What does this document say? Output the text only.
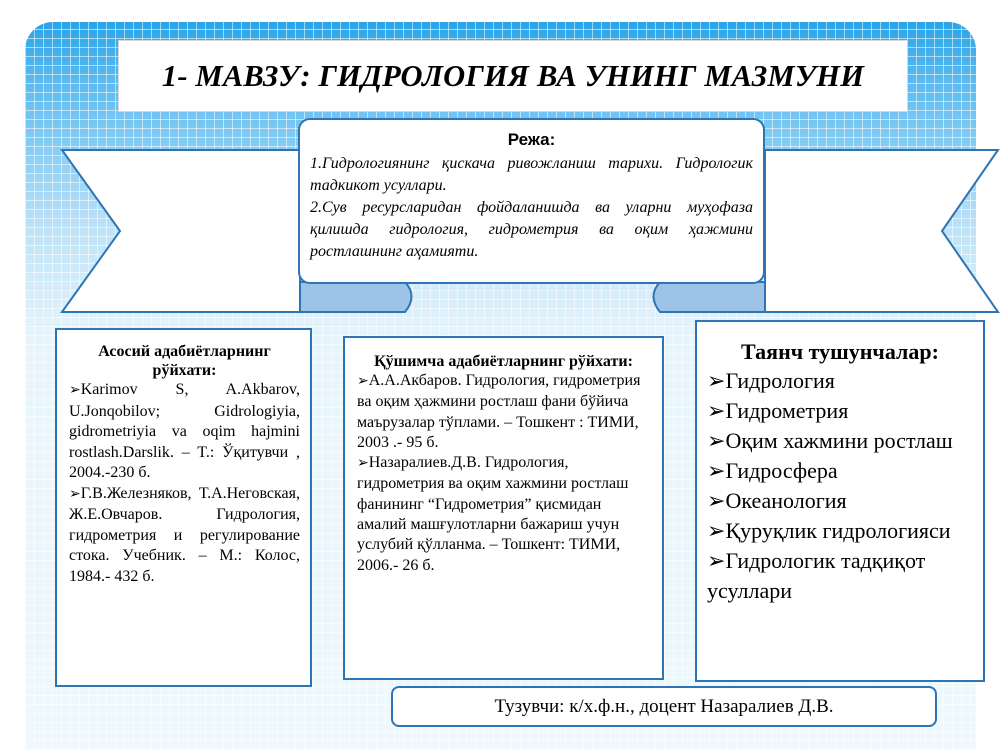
1- МАВЗУ: ГИДРОЛОГИЯ ВА УНИНГ МАЗМУНИ
Режа:
1.Гидрологиянинг қискача ривожланиш тарихи. Гидрологик тадкикот усуллари.
2.Сув ресурсларидан фойдаланишда ва уларни муҳофаза қилишда гидрология, гидрометрия ва оқим ҳажмини ростлашнинг аҳамияти.
Асосий адабиётларнинг рўйхати:
➢Karimov S, A.Akbarov, U.Jonqobilov; Gidrologiyia, gidrometriyia va oqim hajmini rostlash.Darslik. – T.: Ўқитувчи , 2004.-230 б.
➢Г.В.Железняков, Т.А.Неговская, Ж.Е.Овчаров. Гидрология, гидрометрия и регулирование стока. Учебник. – М.: Колос, 1984.- 432 б.
Қўшимча адабиётларнинг рўйхати:
➢А.А.Акбаров. Гидрология, гидрометрия ва оқим ҳажмини ростлаш фани бўйича маърузалар тўплами. – Тошкент : ТИМИ, 2003 .- 95 б.
➢Назаралиев.Д.В. Гидрология, гидрометрия ва оқим хажмини ростлаш фанининг “Гидрометрия” қисмидан амалий машғулотларни бажариш учун услубий қўлланма. – Тошкент: ТИМИ, 2006.- 26 б.
Таянч тушунчалар:
➢Гидрология
➢Гидрометрия
➢Оқим хажмини ростлаш
➢Гидросфера
➢Океанология
➢Қуруқлик гидрологияси
➢Гидрологик тадқиқот усуллари
Тузувчи: к/х.ф.н., доцент Назаралиев Д.В.
